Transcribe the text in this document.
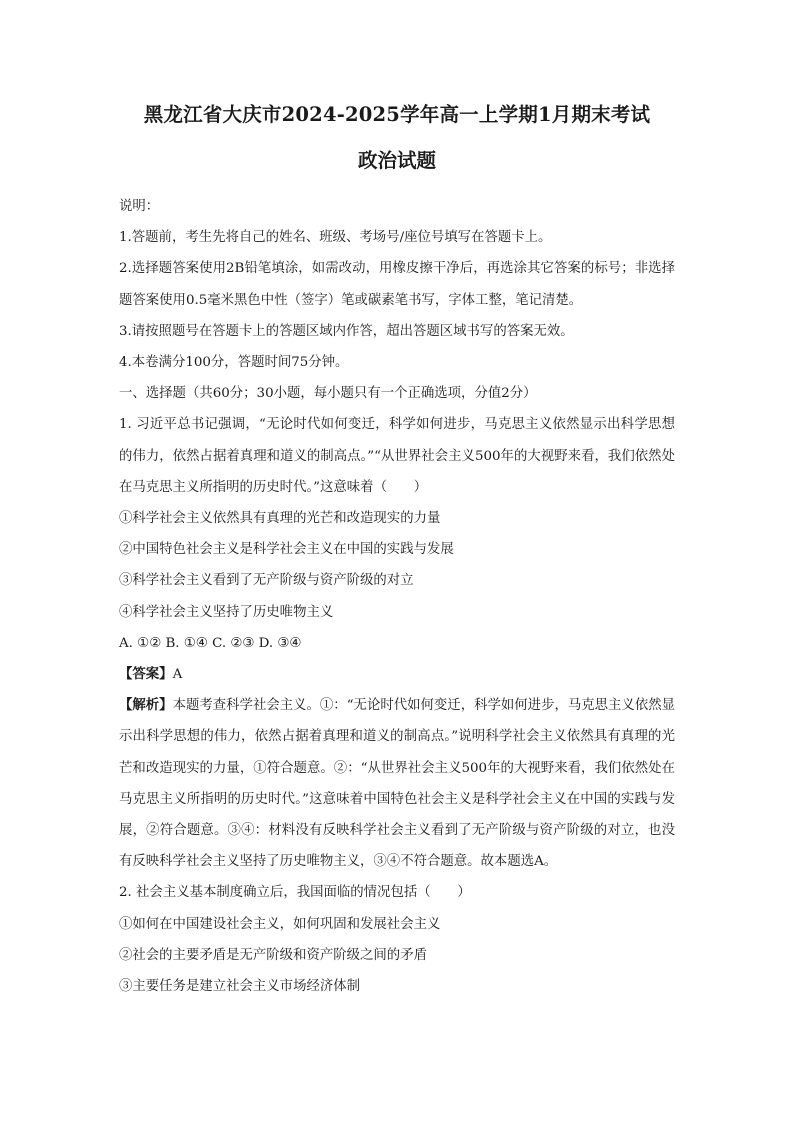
黑龙江省大庆市2024-2025学年高一上学期1月期末考试
政治试题

说明：

1.答题前，考生先将自己的姓名、班级、考场号/座位号填写在答题卡上。

2.选择题答案使用2B铅笔填涂，如需改动，用橡皮擦干净后，再选涂其它答案的标号；非选择题答案使用0.5毫米黑色中性（签字）笔或碳素笔书写，字体工整，笔记清楚。

3.请按照题号在答题卡上的答题区域内作答，超出答题区域书写的答案无效。

4.本卷满分100分，答题时间75分钟。

一、选择题（共60分；30小题，每小题只有一个正确选项，分值2分）

1. 习近平总书记强调，“无论时代如何变迁，科学如何进步，马克思主义依然显示出科学思想的伟力，依然占据着真理和道义的制高点。”“从世界社会主义500年的大视野来看，我们依然处在马克思主义所指明的历史时代。”这意味着（　　）

①科学社会主义依然具有真理的光芒和改造现实的力量

②中国特色社会主义是科学社会主义在中国的实践与发展

③科学社会主义看到了无产阶级与资产阶级的对立

④科学社会主义坚持了历史唯物主义

A. ①② B. ①④ C. ②③ D. ③④

【答案】A

【解析】本题考查科学社会主义。①：“无论时代如何变迁，科学如何进步，马克思主义依然显示出科学思想的伟力，依然占据着真理和道义的制高点。”说明科学社会主义依然具有真理的光芒和改造现实的力量，①符合题意。②：“从世界社会主义500年的大视野来看，我们依然处在马克思主义所指明的历史时代。”这意味着中国特色社会主义是科学社会主义在中国的实践与发展，②符合题意。③④：材料没有反映科学社会主义看到了无产阶级与资产阶级的对立，也没有反映科学社会主义坚持了历史唯物主义，③④不符合题意。故本题选A。

2. 社会主义基本制度确立后，我国面临的情况包括（　　）

①如何在中国建设社会主义，如何巩固和发展社会主义

②社会的主要矛盾是无产阶级和资产阶级之间的矛盾

③主要任务是建立社会主义市场经济体制
